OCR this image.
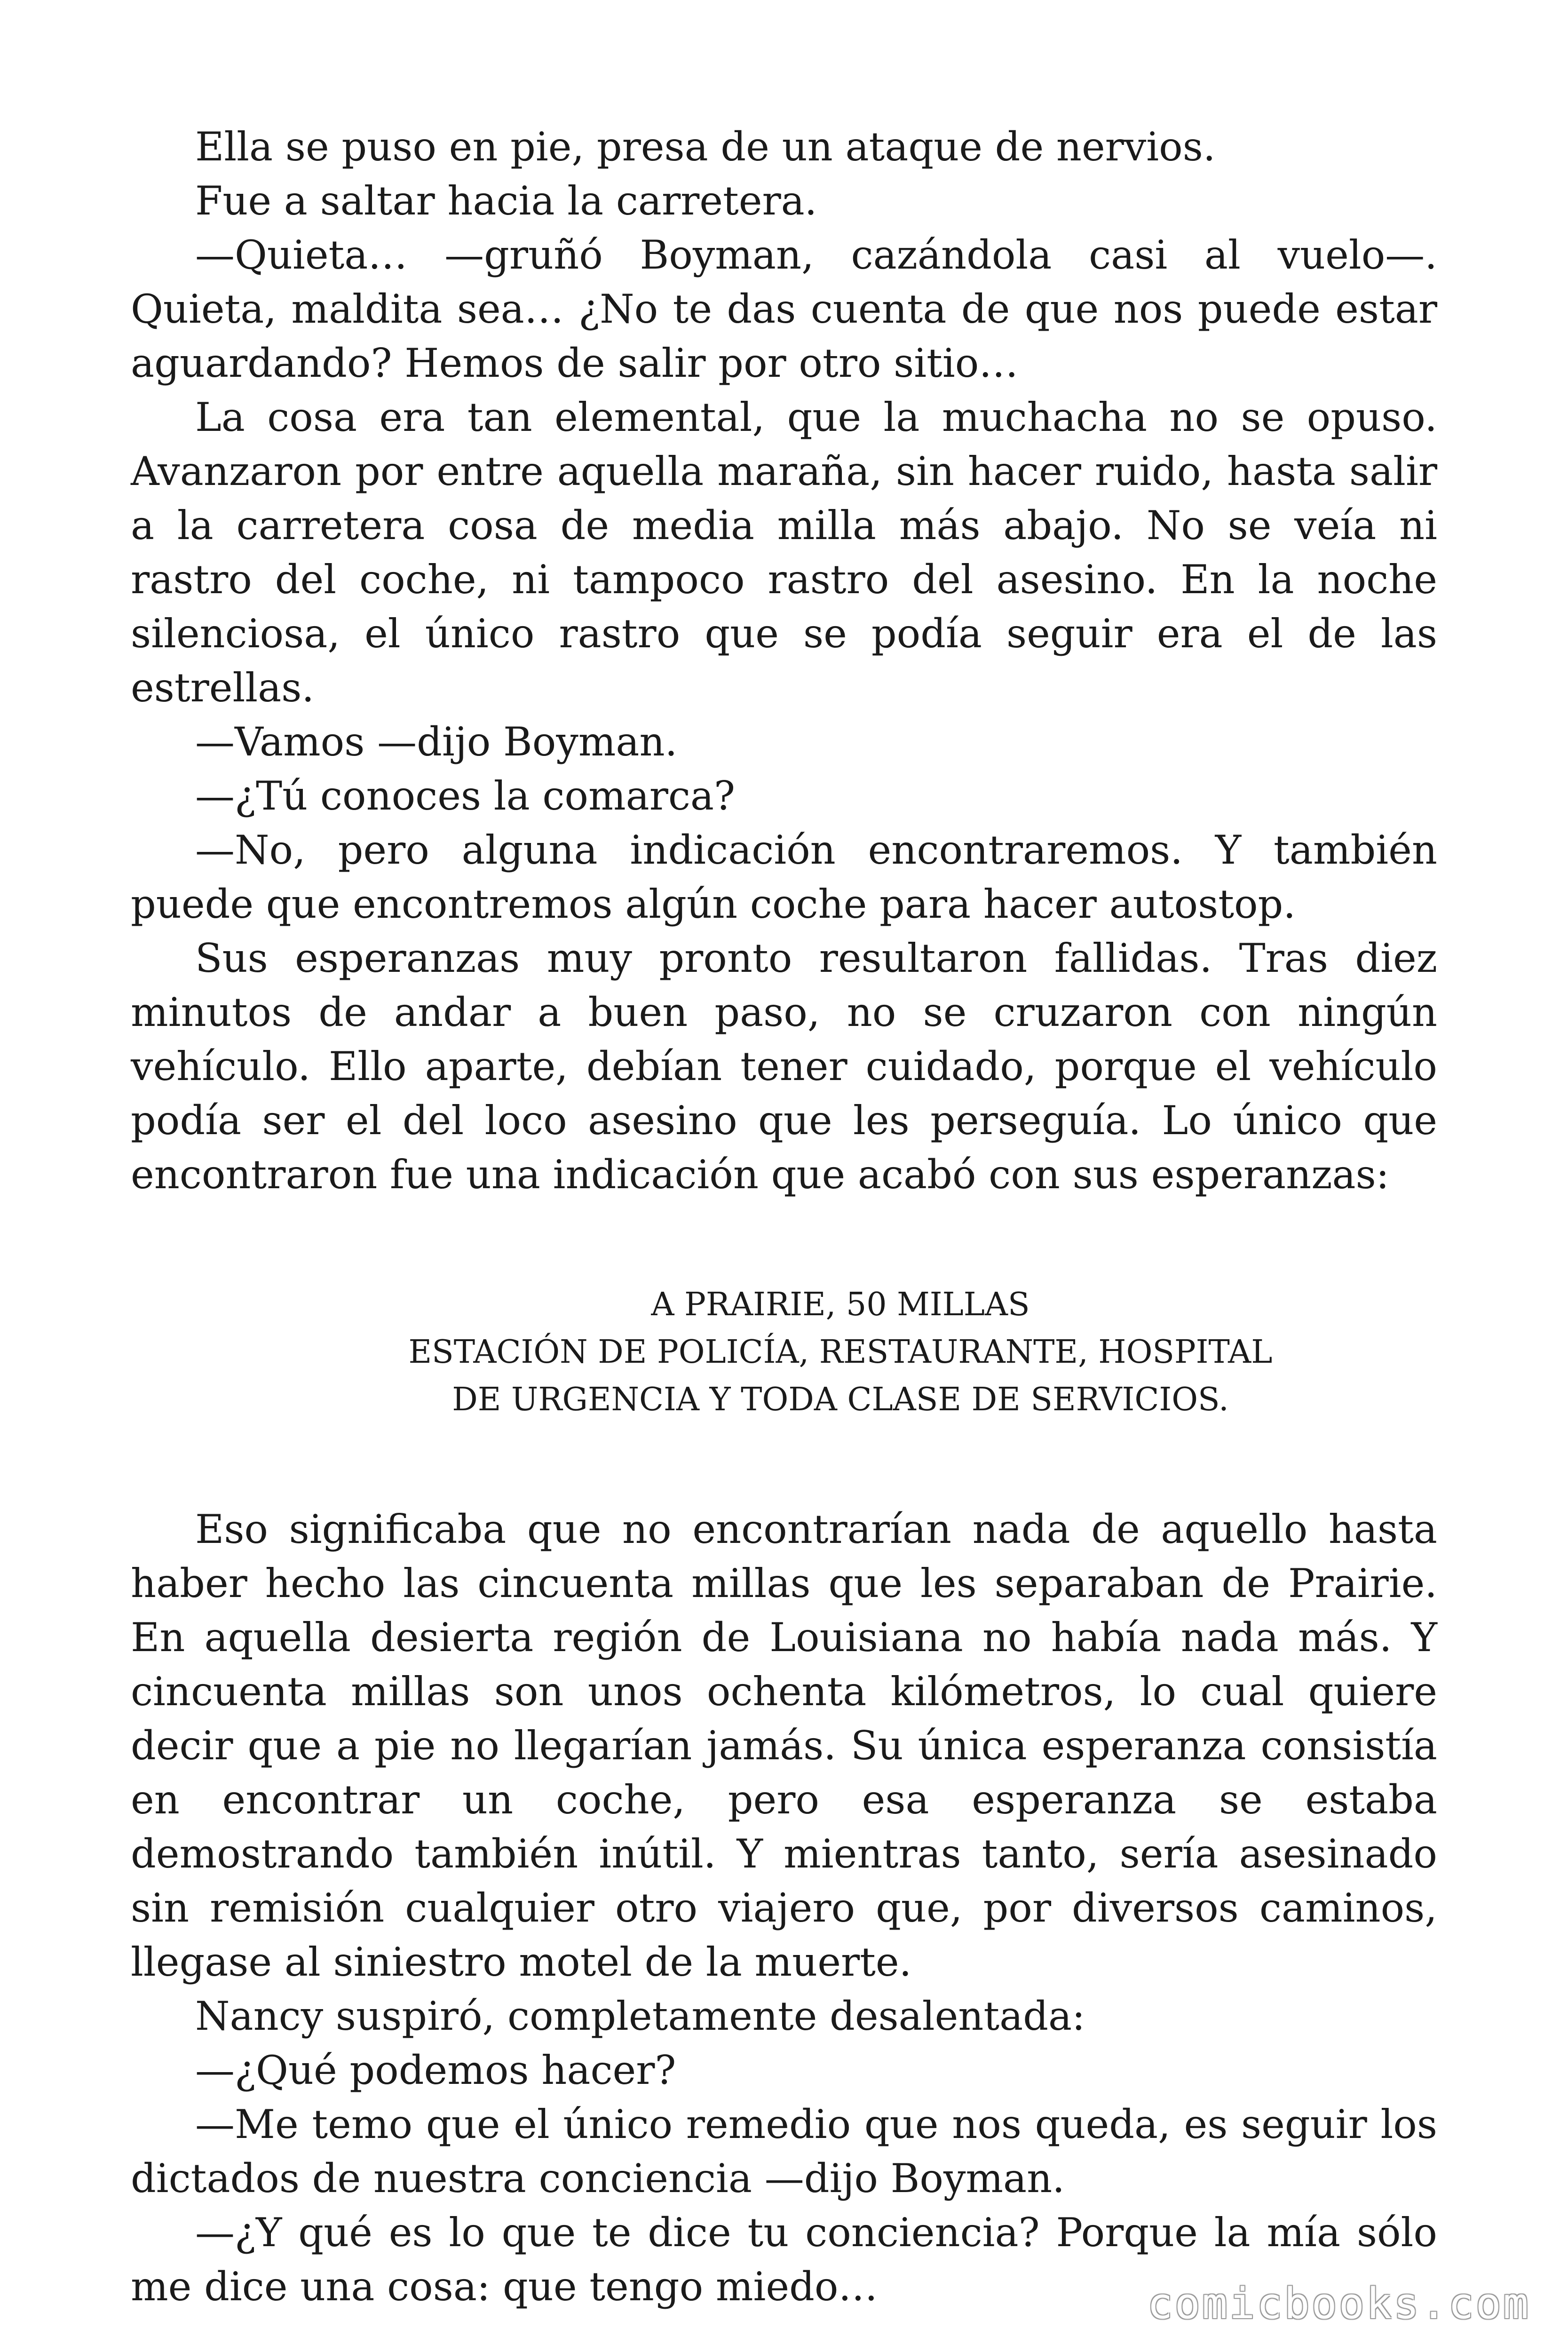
Ella se puso en pie, presa de un ataque de nervios.

Fue a saltar hacia la carretera.

—Quieta… —gruñó Boyman, cazándola casi al vuelo—. Quieta, maldita sea… ¿No te das cuenta de que nos puede estar aguardando? Hemos de salir por otro sitio…

La cosa era tan elemental, que la muchacha no se opuso. Avanzaron por entre aquella maraña, sin hacer ruido, hasta salir a la carretera cosa de media milla más abajo. No se veía ni rastro del coche, ni tampoco rastro del asesino. En la noche silenciosa, el único rastro que se podía seguir era el de las estrellas.

—Vamos —dijo Boyman.

—¿Tú conoces la comarca?

—No, pero alguna indicación encontraremos. Y también puede que encontremos algún coche para hacer autostop.

Sus esperanzas muy pronto resultaron fallidas. Tras diez minutos de andar a buen paso, no se cruzaron con ningún vehículo. Ello aparte, debían tener cuidado, porque el vehículo podía ser el del loco asesino que les perseguía. Lo único que encontraron fue una indicación que acabó con sus esperanzas:

A PRAIRIE, 50 MILLAS

ESTACIÓN DE POLICÍA, RESTAURANTE, HOSPITAL

DE URGENCIA Y TODA CLASE DE SERVICIOS.

Eso significaba que no encontrarían nada de aquello hasta haber hecho las cincuenta millas que les separaban de Prairie. En aquella desierta región de Louisiana no había nada más. Y cincuenta millas son unos ochenta kilómetros, lo cual quiere decir que a pie no llegarían jamás. Su única esperanza consistía en encontrar un coche, pero esa esperanza se estaba demostrando también inútil. Y mientras tanto, sería asesinado sin remisión cualquier otro viajero que, por diversos caminos, llegase al siniestro motel de la muerte.

Nancy suspiró, completamente desalentada:

—¿Qué podemos hacer?

—Me temo que el único remedio que nos queda, es seguir los dictados de nuestra conciencia —dijo Boyman.

—¿Y qué es lo que te dice tu conciencia? Porque la mía sólo me dice una cosa: que tengo miedo…	comicbooks.com
